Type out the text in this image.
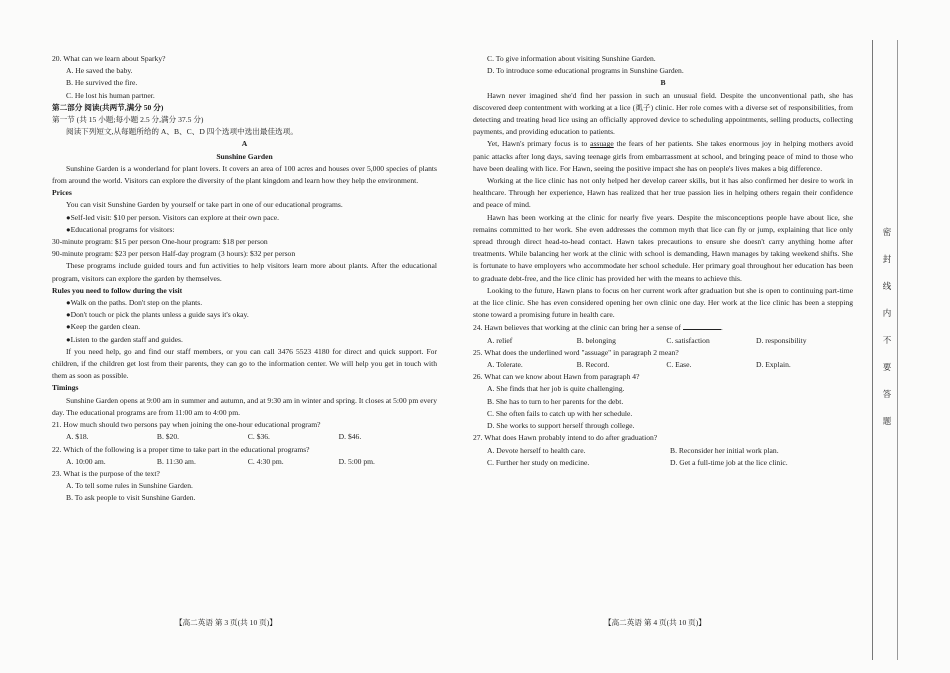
20. What can we learn about Sparky?
A. He saved the baby.
B. He survived the fire.
C. He lost his human partner.
第二部分 阅读(共两节,满分 50 分)
第一节 (共 15 小题;每小题 2.5 分,满分 37.5 分)
阅读下列短文,从每题所给的 A、B、C、D 四个选项中选出最佳选项。
A
Sunshine Garden

Sunshine Garden is a wonderland for plant lovers. It covers an area of 100 acres and houses over 5,000 species of plants from around the world. Visitors can explore the diversity of the plant kingdom and learn how they help the environment.

Prices

You can visit Sunshine Garden by yourself or take part in one of our educational programs.

●Self-led visit: $10 per person. Visitors can explore at their own pace.
●Educational programs for visitors:
30-minute program: $15 per person One-hour program: $18 per person
90-minute program: $23 per person Half-day program (3 hours): $32 per person

These programs include guided tours and fun activities to help visitors learn more about plants. After the educational program, visitors can explore the garden by themselves.

Rules you need to follow during the visit
●Walk on the paths. Don't step on the plants.
●Don't touch or pick the plants unless a guide says it's okay.
●Keep the garden clean.
●Listen to the garden staff and guides.

If you need help, go and find our staff members, or you can call 3476 5523 4180 for direct and quick support. For children, if the children get lost from their parents, they can go to the information center. We will help you get in touch with them as soon as possible.

Timings

Sunshine Garden opens at 9:00 am in summer and autumn, and at 9:30 am in winter and spring. It closes at 5:00 pm every day. The educational programs are from 11:00 am to 4:00 pm.

21. How much should two persons pay when joining the one-hour educational program?
A. $18.	B. $20.	C. $36.	D. $46.
22. Which of the following is a proper time to take part in the educational programs?
A. 10:00 am.	B. 11:30 am.	C. 4:30 pm.	D. 5:00 pm.
23. What is the purpose of the text?
A. To tell some rules in Sunshine Garden.
B. To ask people to visit Sunshine Garden.
【高二英语 第 3 页(共 10 页)】
C. To give information about visiting Sunshine Garden.
D. To introduce some educational programs in Sunshine Garden.
B

Hawn never imagined she'd find her passion in such an unusual field. Despite the unconventional path, she has discovered deep contentment with working at a lice (虱子) clinic. Her role comes with a diverse set of responsibilities, from detecting and treating head lice using an officially approved device to scheduling appointments, selling products, collecting payments, and providing education to patients.

Yet, Hawn's primary focus is to assuage the fears of her patients. She takes enormous joy in helping mothers avoid panic attacks after long days, saving teenage girls from embarrassment at school, and bringing peace of mind to those who have been dealing with lice. For Hawn, seeing the positive impact she has on people's lives makes a big difference.

Working at the lice clinic has not only helped her develop career skills, but it has also confirmed her desire to work in healthcare. Through her experience, Hawn has realized that her true passion lies in helping others regain their confidence and peace of mind.

Hawn has been working at the clinic for nearly five years. Despite the misconceptions people have about lice, she remains committed to her work. She even addresses the common myth that lice can fly or jump, explaining that lice only spread through direct head-to-head contact. Hawn takes precautions to ensure she doesn't carry anything home after treatments. While balancing her work at the clinic with school is demanding, Hawn manages by taking weekend shifts. She is fortunate to have employers who accommodate her school schedule. Her primary goal throughout her education has been to graduate debt-free, and the lice clinic has provided her with the means to achieve this.

Looking to the future, Hawn plans to focus on her current work after graduation but she is open to continuing part-time at the lice clinic. She has even considered opening her own clinic one day. Her work at the lice clinic has been a stepping stone toward a promising future in health care.

24. Hawn believes that working at the clinic can bring her a sense of	.
A. relief	B. belonging	C. satisfaction	D. responsibility
25. What does the underlined word "assuage" in paragraph 2 mean?
A. Tolerate.	B. Record.	C. Ease.	D. Explain.
26. What can we know about Hawn from paragraph 4?
A. She finds that her job is quite challenging.
B. She has to turn to her parents for the debt.
C. She often fails to catch up with her schedule.
D. She works to support herself through college.
27. What does Hawn probably intend to do after graduation?
A. Devote herself to health care.	B. Reconsider her initial work plan.
C. Further her study on medicine.	D. Get a full-time job at the lice clinic.
【高二英语 第 4 页(共 10 页)】
密
封
线
内
不
要
答
题
